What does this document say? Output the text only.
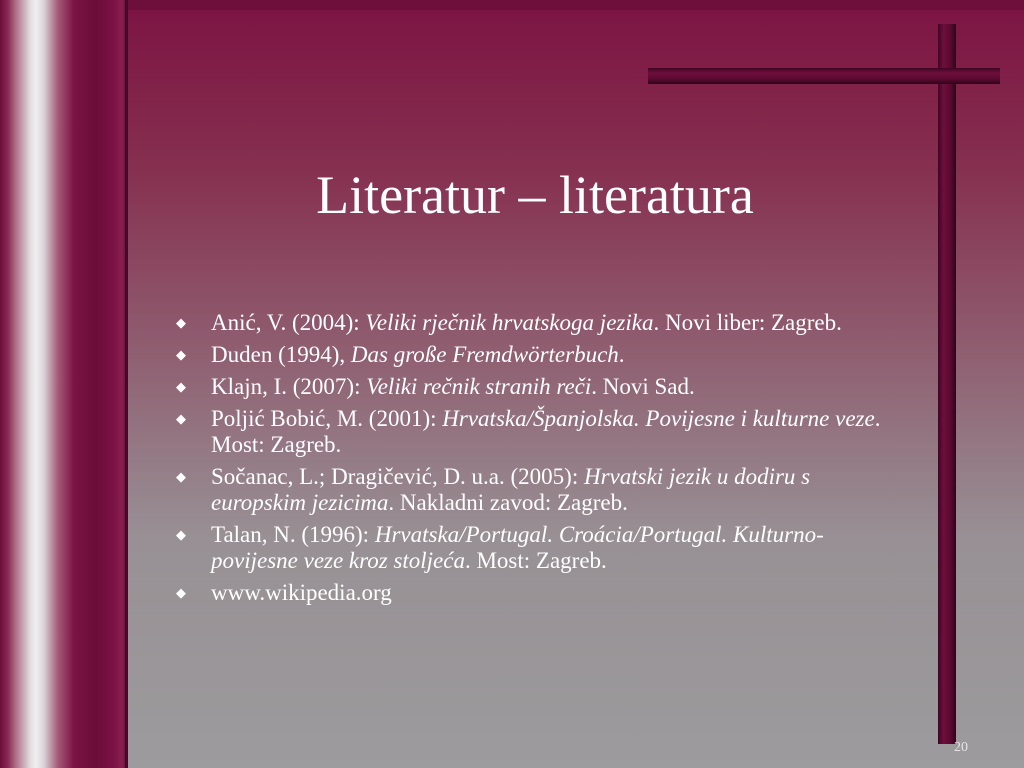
Literatur – literatura
◆ Anić, V. (2004): Veliki rječnik hrvatskoga jezika. Novi liber: Zagreb.
◆ Duden (1994), Das große Fremdwörterbuch.
◆ Klajn, I. (2007): Veliki rečnik stranih reči. Novi Sad.
◆ Poljić Bobić, M. (2001): Hrvatska/Španjolska. Povijesne i kulturne veze. Most: Zagreb.
◆ Sočanac, L.; Dragičević, D. u.a. (2005): Hrvatski jezik u dodiru s europskim jezicima. Nakladni zavod: Zagreb.
◆ Talan, N. (1996): Hrvatska/Portugal. Croácia/Portugal. Kulturno-povijesne veze kroz stoljeća. Most: Zagreb.
◆ www.wikipedia.org
20
